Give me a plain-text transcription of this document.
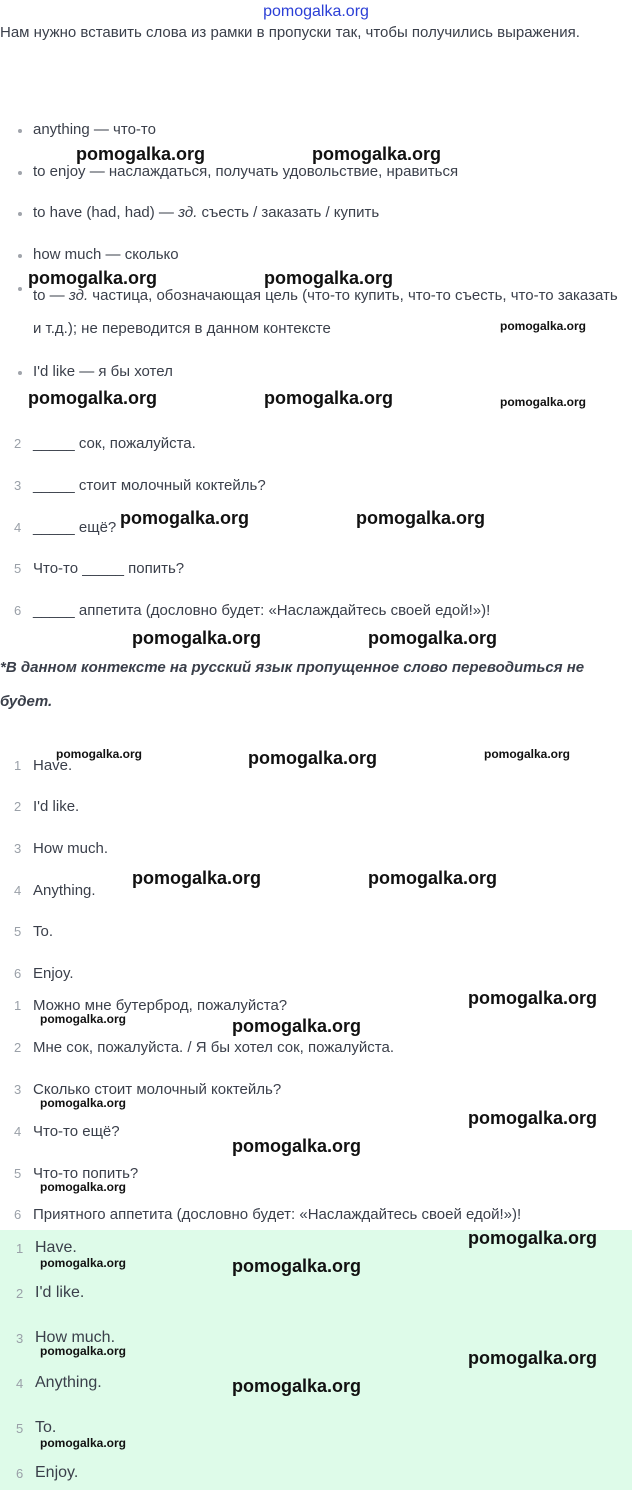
pomogalka.org
Нам нужно вставить слова из рамки в пропуски так, чтобы получились выражения.
anything — что-то
to enjoy — наслаждаться, получать удовольствие, нравиться
to have (had, had) — зд. съесть / заказать / купить
how much — сколько
to — зд. частица, обозначающая цель (что-то купить, что-то съесть, что-то заказать и т.д.); не переводится в данном контексте
I'd like — я бы хотел
2 _____ сок, пожалуйста.
3 _____ стоит молочный коктейль?
4 _____ ещё?
5 Что-то _____ попить?
6 _____ аппетита (дословно будет: «Наслаждайтесь своей едой!»)!
*В данном контексте на русский язык пропущенное слово переводиться не будет.
1 Have.
2 I'd like.
3 How much.
4 Anything.
5 To.
6 Enjoy.
1 Можно мне бутерброд, пожалуйста?
2 Мне сок, пожалуйста. / Я бы хотел сок, пожалуйста.
3 Сколько стоит молочный коктейль?
4 Что-то ещё?
5 Что-то попить?
6 Приятного аппетита (дословно будет: «Наслаждайтесь своей едой!»)!
1 Have.
2 I'd like.
3 How much.
4 Anything.
5 To.
6 Enjoy.
pomogalka.org	pomogalka.org
pomogalka.org	pomogalka.org
pomogalka.org
pomogalka.org	pomogalka.org	pomogalka.org
pomogalka.org	pomogalka.org
pomogalka.org	pomogalka.org
pomogalka.org	pomogalka.org	pomogalka.org
pomogalka.org	pomogalka.org
pomogalka.org
pomogalka.org	pomogalka.org
pomogalka.org
pomogalka.org
pomogalka.org
pomogalka.org
pomogalka.org
pomogalka.org	pomogalka.org
pomogalka.org	pomogalka.org
pomogalka.org
pomogalka.org
